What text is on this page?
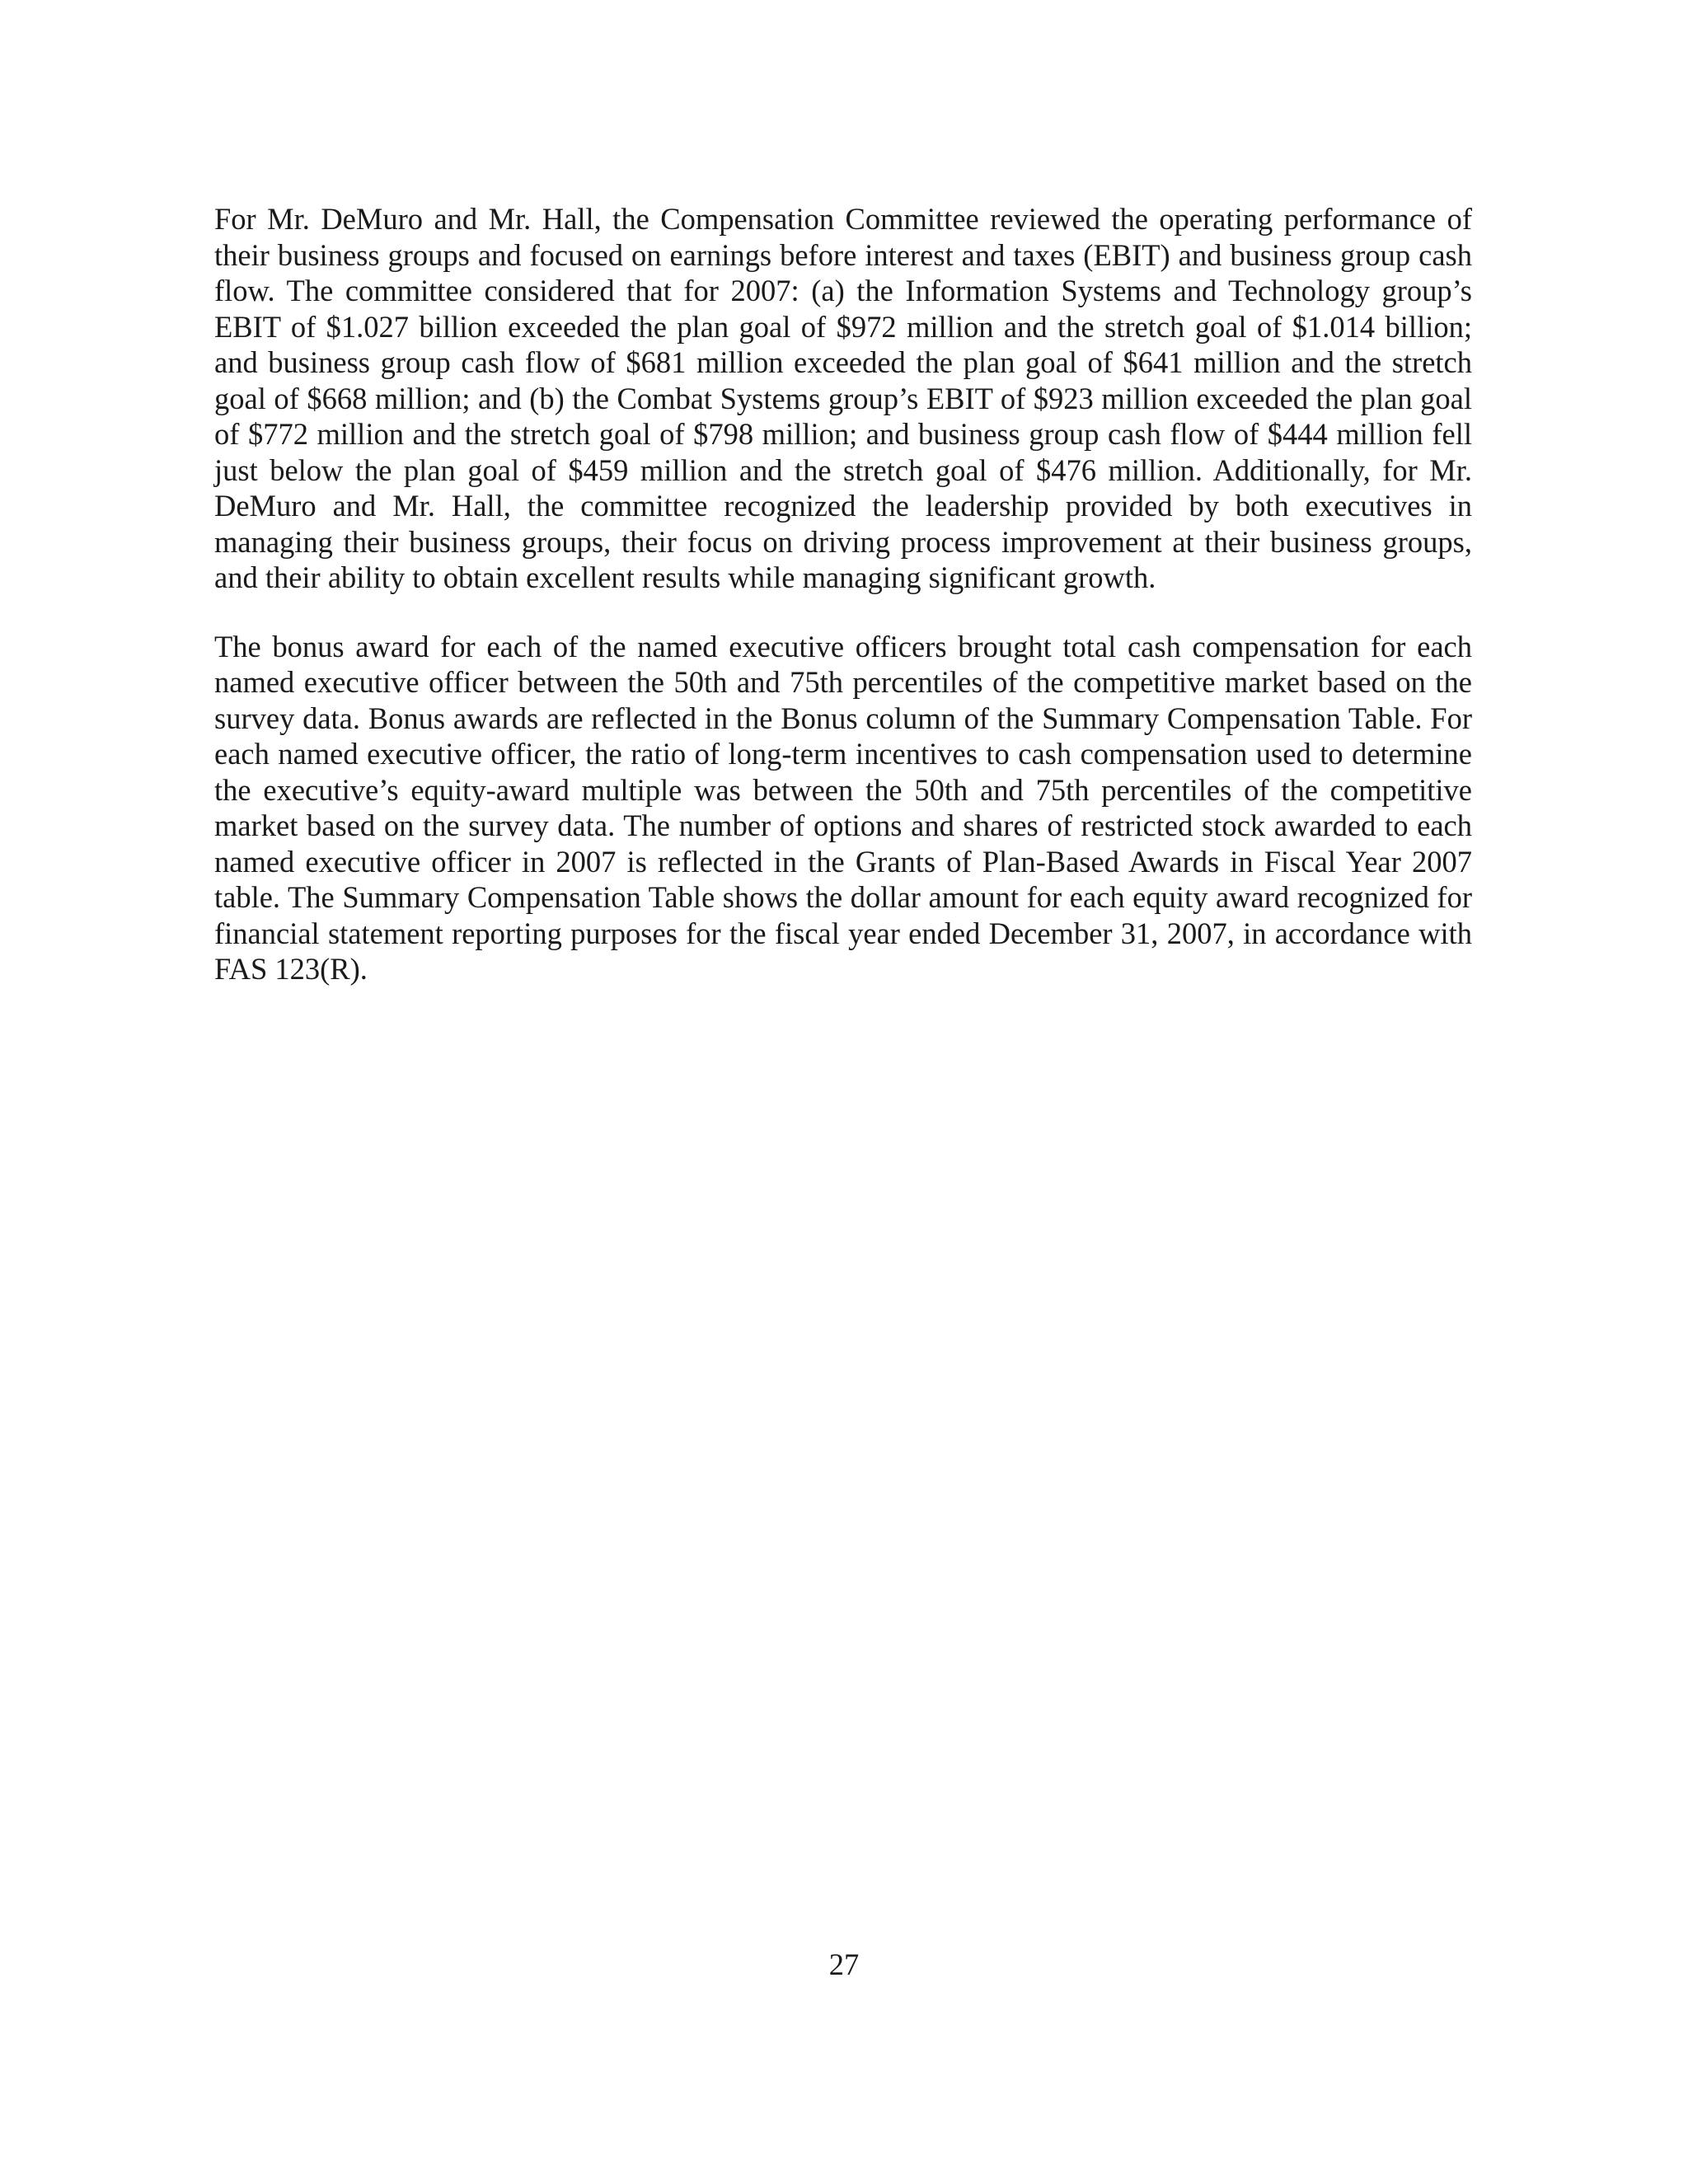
For Mr. DeMuro and Mr. Hall, the Compensation Committee reviewed the operating performance of their business groups and focused on earnings before interest and taxes (EBIT) and business group cash flow. The committee considered that for 2007: (a) the Information Systems and Technology group’s EBIT of $1.027 billion exceeded the plan goal of $972 million and the stretch goal of $1.014 billion; and business group cash flow of $681 million exceeded the plan goal of $641 million and the stretch goal of $668 million; and (b) the Combat Systems group’s EBIT of $923 million exceeded the plan goal of $772 million and the stretch goal of $798 million; and business group cash flow of $444 million fell just below the plan goal of $459 million and the stretch goal of $476 million. Additionally, for Mr. DeMuro and Mr. Hall, the committee recognized the leadership provided by both executives in managing their business groups, their focus on driving process improvement at their business groups, and their ability to obtain excellent results while managing significant growth.

The bonus award for each of the named executive officers brought total cash compensation for each named executive officer between the 50th and 75th percentiles of the competitive market based on the survey data. Bonus awards are reflected in the Bonus column of the Summary Compensation Table. For each named executive officer, the ratio of long-term incentives to cash compensation used to determine the executive’s equity-award multiple was between the 50th and 75th percentiles of the competitive market based on the survey data. The number of options and shares of restricted stock awarded to each named executive officer in 2007 is reflected in the Grants of Plan-Based Awards in Fiscal Year 2007 table. The Summary Compensation Table shows the dollar amount for each equity award recognized for financial statement reporting purposes for the fiscal year ended December 31, 2007, in accordance with FAS 123(R).

27
